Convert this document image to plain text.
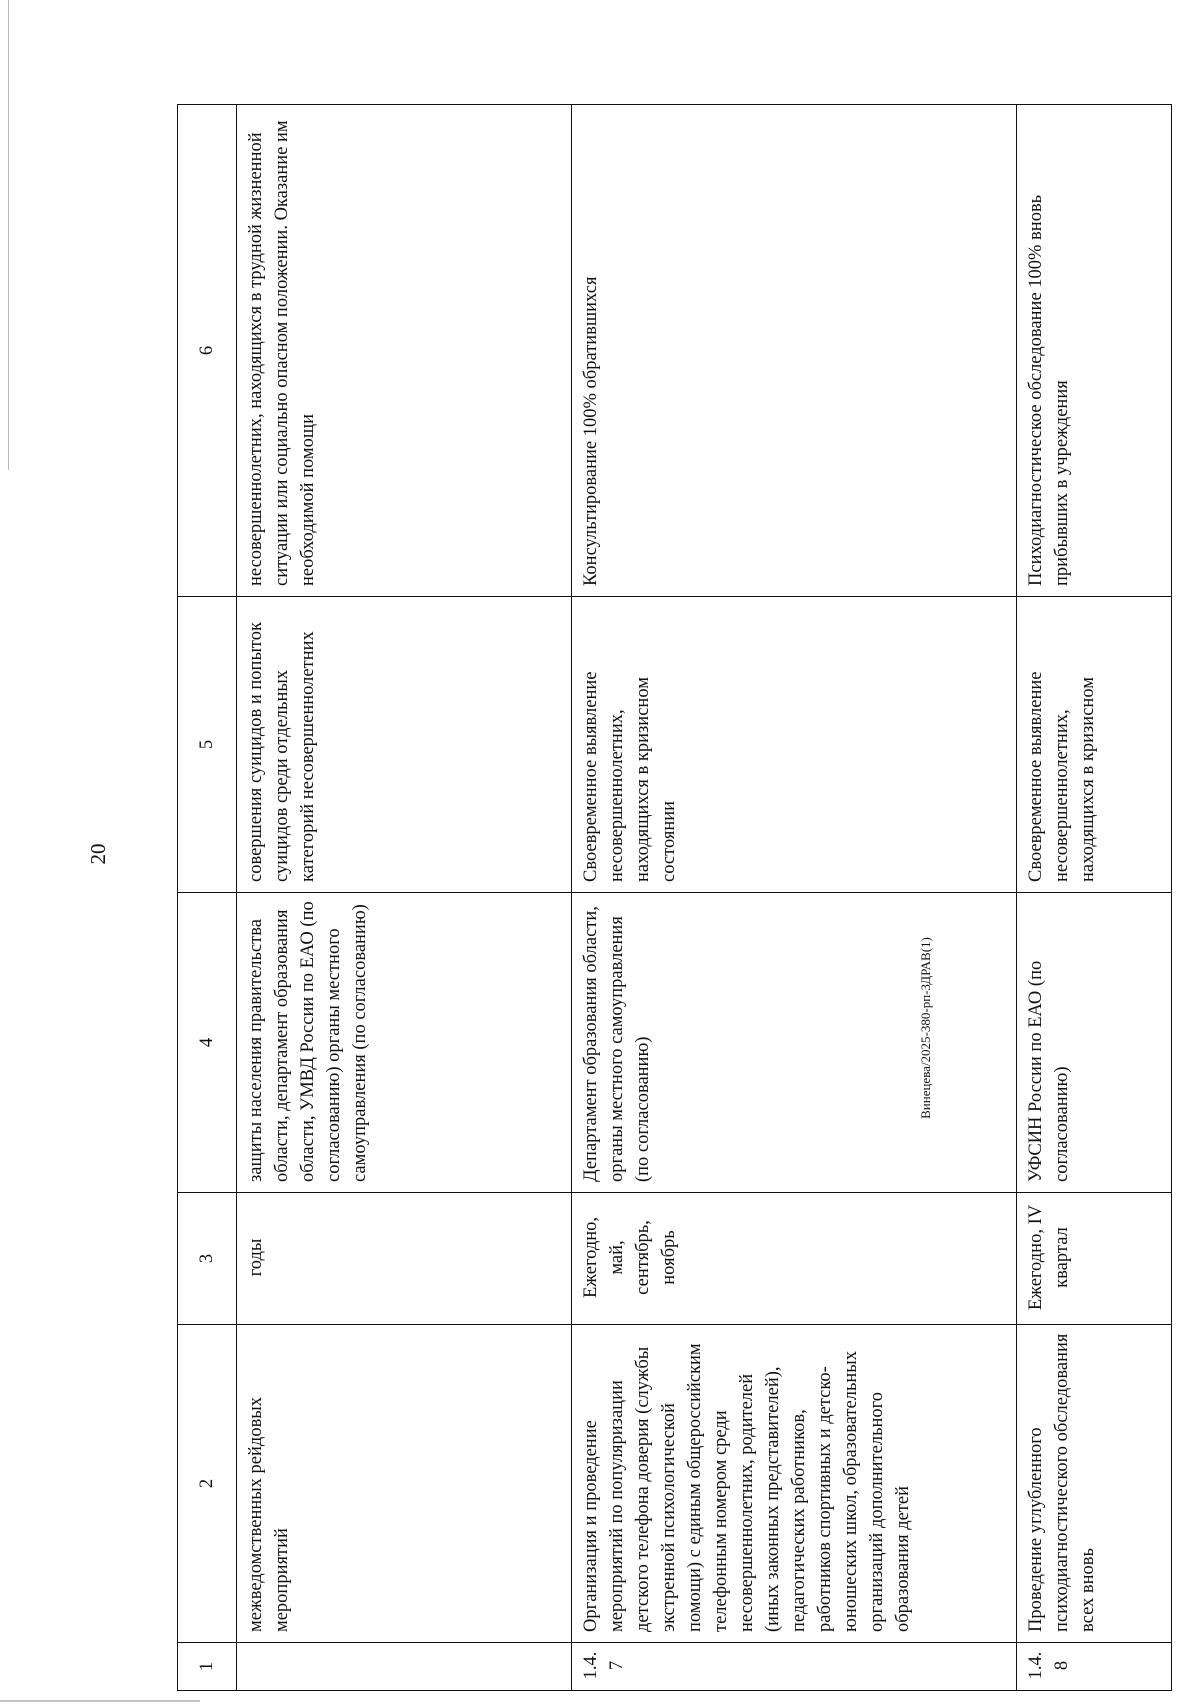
20
Винецева/2025-380-рп-ЗДРАВ(1)
1	2	3	4	5	6
	межведомственных рейдовых мероприятий	годы	защиты населения правительства области, департамент образования области, УМВД России по ЕАО (по согласованию) органы местного самоуправления (по согласованию)	совершения суицидов и попыток суицидов среди отдельных категорий несовершеннолетних	несовершеннолетних, находящихся в трудной жизненной ситуации или социально опасном положении. Оказание им необходимой помощи
1.4.7	Организация и проведение мероприятий по популяризации детского телефона доверия (службы экстренной психологической помощи) с единым общероссийским телефонным номером среди несовершеннолетних, родителей (иных законных представителей), педагогических работников, работников спортивных и детско-юношеских школ, образовательных организаций дополнительного образования детей	Ежегодно, май, сентябрь, ноябрь	Департамент образования области, органы местного самоуправления (по согласованию)	Своевременное выявление несовершеннолетних, находящихся в кризисном состоянии	Консультирование 100% обратившихся
1.4.8	Проведение углубленного психодиагностического обследования всех вновь	Ежегодно, IV квартал	УФСИН России по ЕАО (по согласованию)	Своевременное выявление несовершеннолетних, находящихся в кризисном	Психодиагностическое обследование 100% вновь прибывших в учреждения
